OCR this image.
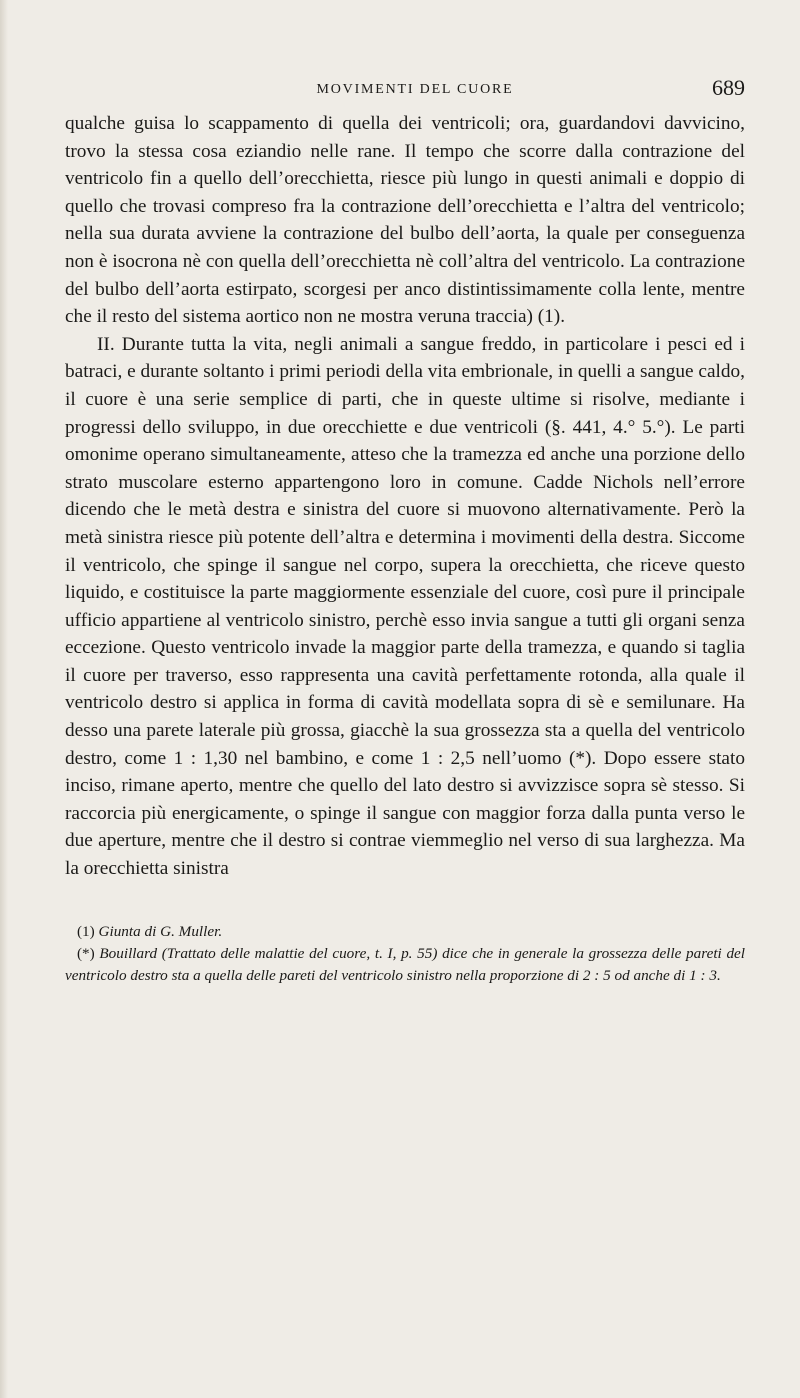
MOVIMENTI DEL CUORE	689

qualche guisa lo scappamento di quella dei ventricoli; ora, guardandovi davvicino, trovo la stessa cosa eziandio nelle rane. Il tempo che scorre dalla contrazione del ventricolo fin a quello dell’orecchietta, riesce più lungo in questi animali e doppio di quello che trovasi compreso fra la contrazione dell’orecchietta e l’altra del ventricolo; nella sua durata avviene la contrazione del bulbo dell’aorta, la quale per conseguenza non è isocrona nè con quella dell’orecchietta nè coll’altra del ventricolo. La contrazione del bulbo dell’aorta estirpato, scorgesi per anco distintissimamente colla lente, mentre che il resto del sistema aortico non ne mostra veruna traccia) (1).

II. Durante tutta la vita, negli animali a sangue freddo, in particolare i pesci ed i batraci, e durante soltanto i primi periodi della vita embrionale, in quelli a sangue caldo, il cuore è una serie semplice di parti, che in queste ultime si risolve, mediante i progressi dello sviluppo, in due orecchiette e due ventricoli (§. 441, 4.° 5.°). Le parti omonime operano simultaneamente, atteso che la tramezza ed anche una porzione dello strato muscolare esterno appartengono loro in comune. Cadde Nichols nell’errore dicendo che le metà destra e sinistra del cuore si muovono alternativamente. Però la metà sinistra riesce più potente dell’altra e determina i movimenti della destra. Siccome il ventricolo, che spinge il sangue nel corpo, supera la orecchietta, che riceve questo liquido, e costituisce la parte maggiormente essenziale del cuore, così pure il principale ufficio appartiene al ventricolo sinistro, perchè esso invia sangue a tutti gli organi senza eccezione. Questo ventricolo invade la maggior parte della tramezza, e quando si taglia il cuore per traverso, esso rappresenta una cavità perfettamente rotonda, alla quale il ventricolo destro si applica in forma di cavità modellata sopra di sè e semilunare. Ha desso una parete laterale più grossa, giacchè la sua grossezza sta a quella del ventricolo destro, come 1 : 1,30 nel bambino, e come 1 : 2,5 nell’uomo (*). Dopo essere stato inciso, rimane aperto, mentre che quello del lato destro si avvizzisce sopra sè stesso. Si raccorcia più energicamente, o spinge il sangue con maggior forza dalla punta verso le due aperture, mentre che il destro si contrae viemmeglio nel verso di sua larghezza. Ma la orecchietta sinistra

(1) Giunta di G. Muller.

(*) Bouillard (Trattato delle malattie del cuore, t. I, p. 55) dice che in generale la grossezza delle pareti del ventricolo destro sta a quella delle pareti del ventricolo sinistro nella proporzione di 2 : 5 od anche di 1 : 3.
